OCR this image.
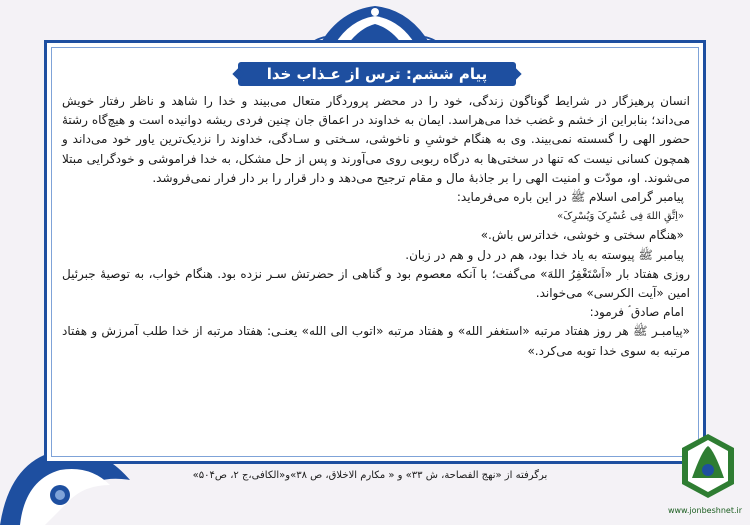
پیام ششم: ترس از عـذاب خدا

انسان پرهیزگار در شرایط گوناگون زندگی، خود را در محضر پروردگار متعال می‌بیند و خدا را شاهد و ناظر رفتار خویش می‌داند؛ بنابراین از خشم و غضب خدا می‌هراسد. ایمان به خداوند در اعماق جان چنین فردی ریشه دوانیده است و هیچ‌گاه رشتهٔ حضور الهی را گسسته نمی‌بیند. وی به هنگام خوشیِ و ناخوشی، سـختی و سـادگی، خداوند را نزدیک‌ترین یاور خود می‌داند و همچون کسانی نیست که تنها در سختی‌ها به درگاه ربوبی روی می‌آورند و پس از حل مشکل، به خدا فراموشی و خودگرایی مبتلا می‌شوند. او، مودّت و امنیت الهی را بر جاذبهٔ مال و مقام ترجیح می‌دهد و دار قرار را بر دار فرار نمی‌فروشد.

پیامبر گرامی اسلام ﷺ در این باره می‌فرماید:

«اِتَّقِ اللهَ فِی عُسْرِکَ وَیُسْرِکَ»

«هنگام سختی و خوشی، خداترس باش.»

پیامبر ﷺ پیوسته به یاد خدا بود، هم در دل و هم در زبان.

روزی هفتاد بار «اَسْتَغْفِرُ اللهَ» می‌گفت؛ با آنکه معصوم بود و گناهی از حضرتش سـر نزده بود. هنگام خواب، به توصیهٔ جبرئیل امین «آیت الکرسی» می‌خواند.

امام صادق ؑ فرمود:

«پیامبـر ﷺ هر روز هفتاد مرتبه «استغفر الله» و هفتاد مرتبه «اتوب الی الله» یعنـی: هفتاد مرتبه از خدا طلب آمرزش و هفتاد مرتبه به سوی خدا توبه می‌کرد.»

برگرفته از «نهج الفصاحة، ش ۳۳» و « مکارم الاخلاق، ص ۳۸»و«الکافی،ج ۲، ص۵۰۴»
www.jonbeshnet.ir
